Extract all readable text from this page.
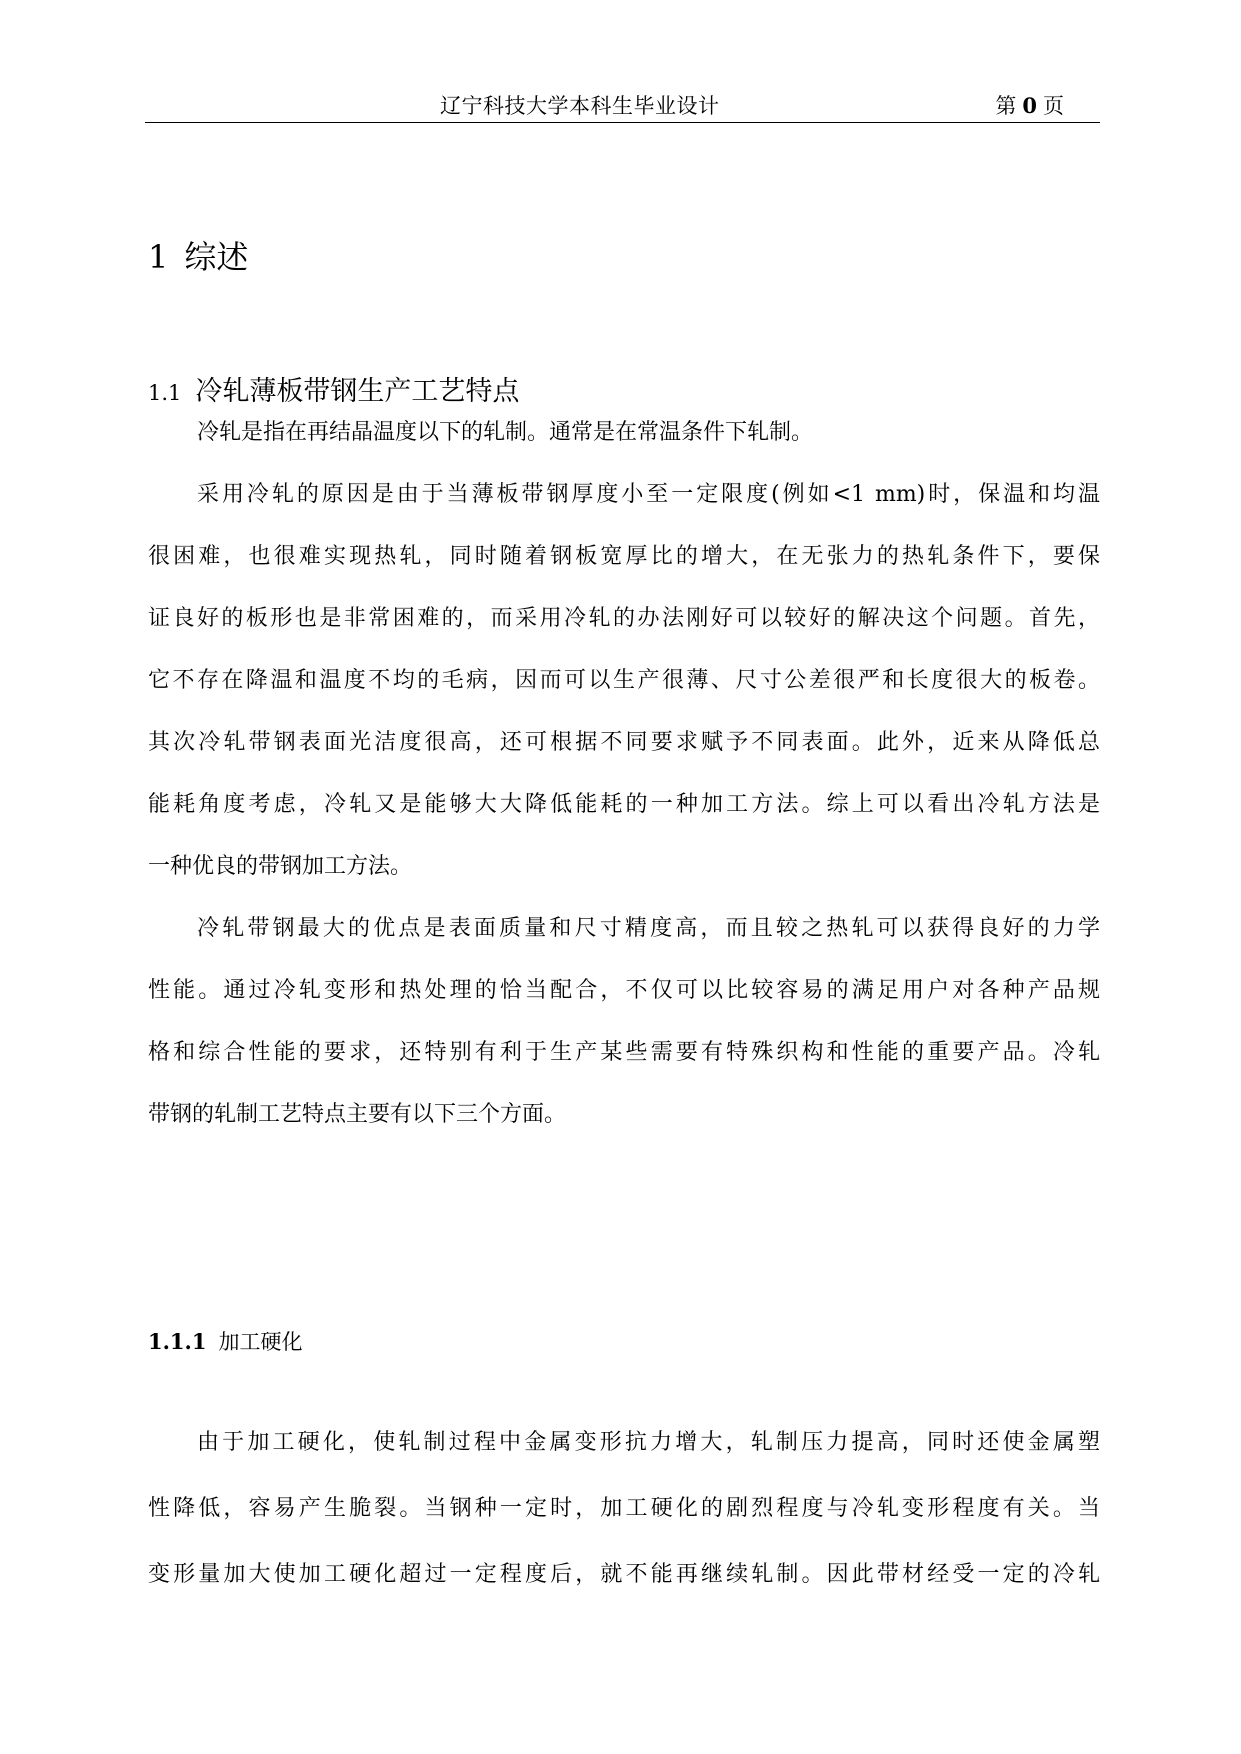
辽宁科技大学本科生毕业设计	第 0 页
1 综述
1.1 冷轧薄板带钢生产工艺特点
冷轧是指在再结晶温度以下的轧制。通常是在常温条件下轧制。
采用冷轧的原因是由于当薄板带钢厚度小至一定限度(例如<1 mm)时，保温和均温
很困难，也很难实现热轧，同时随着钢板宽厚比的增大，在无张力的热轧条件下，要保
证良好的板形也是非常困难的，而采用冷轧的办法刚好可以较好的解决这个问题。首先，
它不存在降温和温度不均的毛病，因而可以生产很薄、尺寸公差很严和长度很大的板卷。
其次冷轧带钢表面光洁度很高，还可根据不同要求赋予不同表面。此外，近来从降低总
能耗角度考虑，冷轧又是能够大大降低能耗的一种加工方法。综上可以看出冷轧方法是
一种优良的带钢加工方法。
冷轧带钢最大的优点是表面质量和尺寸精度高，而且较之热轧可以获得良好的力学
性能。通过冷轧变形和热处理的恰当配合，不仅可以比较容易的满足用户对各种产品规
格和综合性能的要求，还特别有利于生产某些需要有特殊织构和性能的重要产品。冷轧
带钢的轧制工艺特点主要有以下三个方面。
1.1.1 加工硬化
由于加工硬化，使轧制过程中金属变形抗力增大，轧制压力提高，同时还使金属塑
性降低，容易产生脆裂。当钢种一定时，加工硬化的剧烈程度与冷轧变形程度有关。当
变形量加大使加工硬化超过一定程度后，就不能再继续轧制。因此带材经受一定的冷轧
